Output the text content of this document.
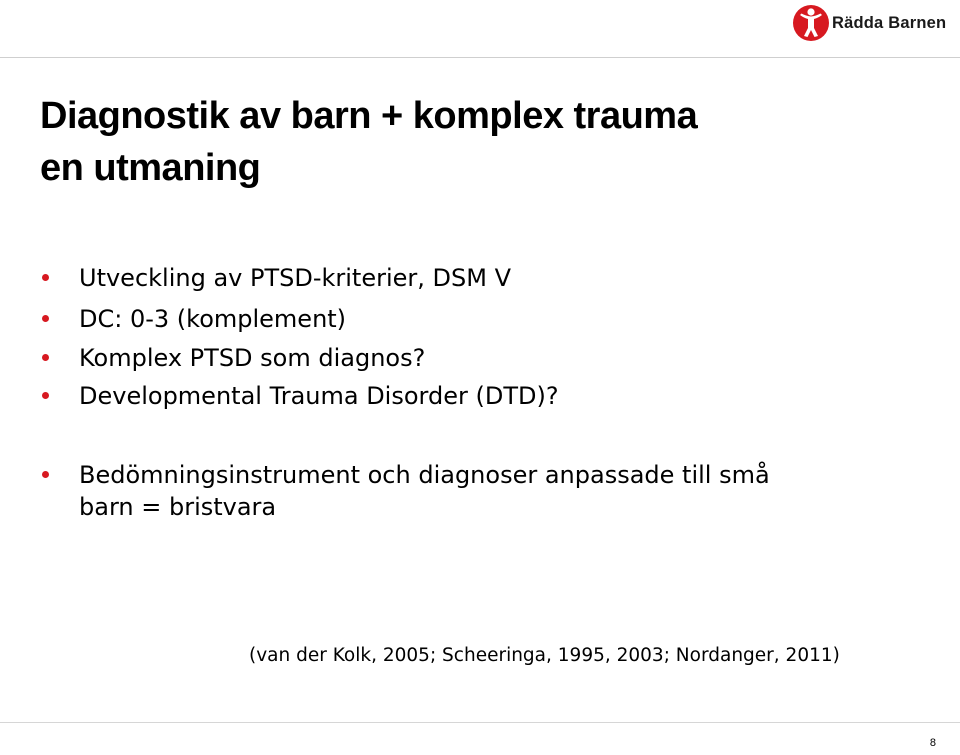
Rädda Barnen
Diagnostik av barn + komplex trauma
en utmaning
Utveckling av PTSD-kriterier, DSM V
DC: 0-3 (komplement)
Komplex PTSD som diagnos?
Developmental Trauma Disorder (DTD)?
Bedömningsinstrument och diagnoser anpassade till små
barn = bristvara
(van der Kolk, 2005; Scheeringa, 1995, 2003; Nordanger, 2011)
8
